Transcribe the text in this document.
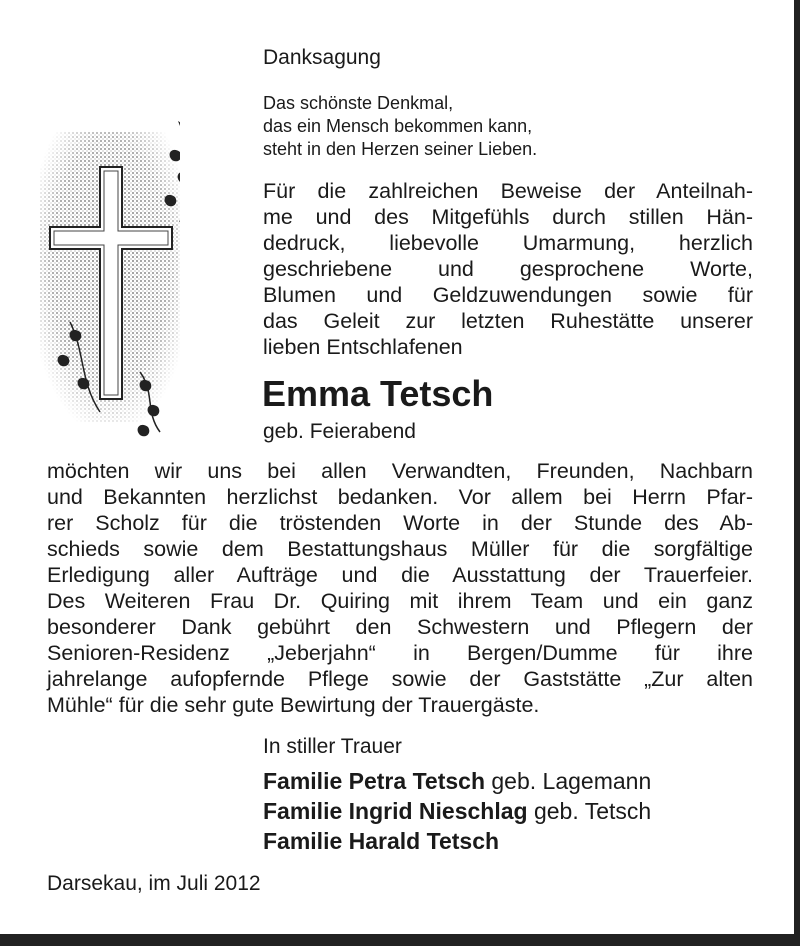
Danksagung

Das schönste Denkmal,
das ein Mensch bekommen kann,
steht in den Herzen seiner Lieben.
Für die zahlreichen Beweise der Anteilnah-
me und des Mitgefühls durch stillen Hän-
dedruck, liebevolle Umarmung, herzlich
geschriebene und gesprochene Worte,
Blumen und Geldzuwendungen sowie für
das Geleit zur letzten Ruhestätte unserer
lieben Entschlafenen

Emma Tetsch

geb. Feierabend

möchten wir uns bei allen Verwandten, Freunden, Nachbarn
und Bekannten herzlichst bedanken. Vor allem bei Herrn Pfar-
rer Scholz für die tröstenden Worte in der Stunde des Ab-
schieds sowie dem Bestattungshaus Müller für die sorgfältige
Erledigung aller Aufträge und die Ausstattung der Trauerfeier.
Des Weiteren Frau Dr. Quiring mit ihrem Team und ein ganz
besonderer Dank gebührt den Schwestern und Pflegern der
Senioren-Residenz „Jeberjahn“ in Bergen/Dumme für ihre
jahrelange aufopfernde Pflege sowie der Gaststätte „Zur alten
Mühle“ für die sehr gute Bewirtung der Trauergäste.

In stiller Trauer

Familie Petra Tetsch geb. Lagemann
Familie Ingrid Nieschlag geb. Tetsch
Familie Harald Tetsch

Darsekau, im Juli 2012
